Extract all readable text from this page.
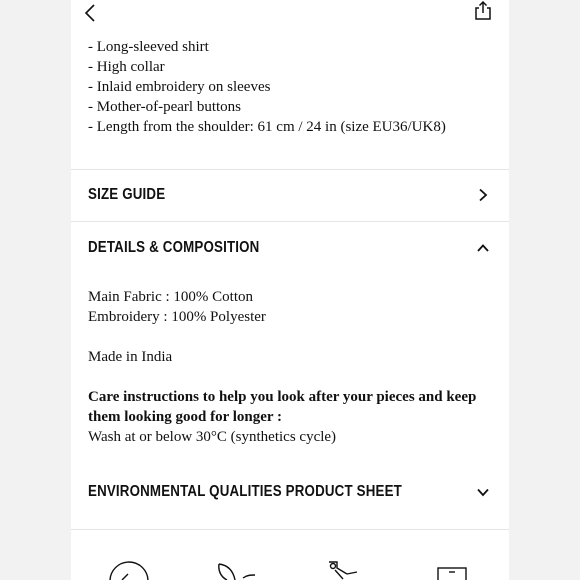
- Long-sleeved shirt
- High collar
- Inlaid embroidery on sleeves
- Mother-of-pearl buttons
- Length from the shoulder: 61 cm / 24 in (size EU36/UK8)
SIZE GUIDE
DETAILS & COMPOSITION

Main Fabric : 100% Cotton

Embroidery : 100% Polyester

Made in India

Care instructions to help you look after your pieces and keep them looking good for longer :

Wash at or below 30°C (synthetics cycle)

ENVIRONMENTAL QUALITIES PRODUCT SHEET
